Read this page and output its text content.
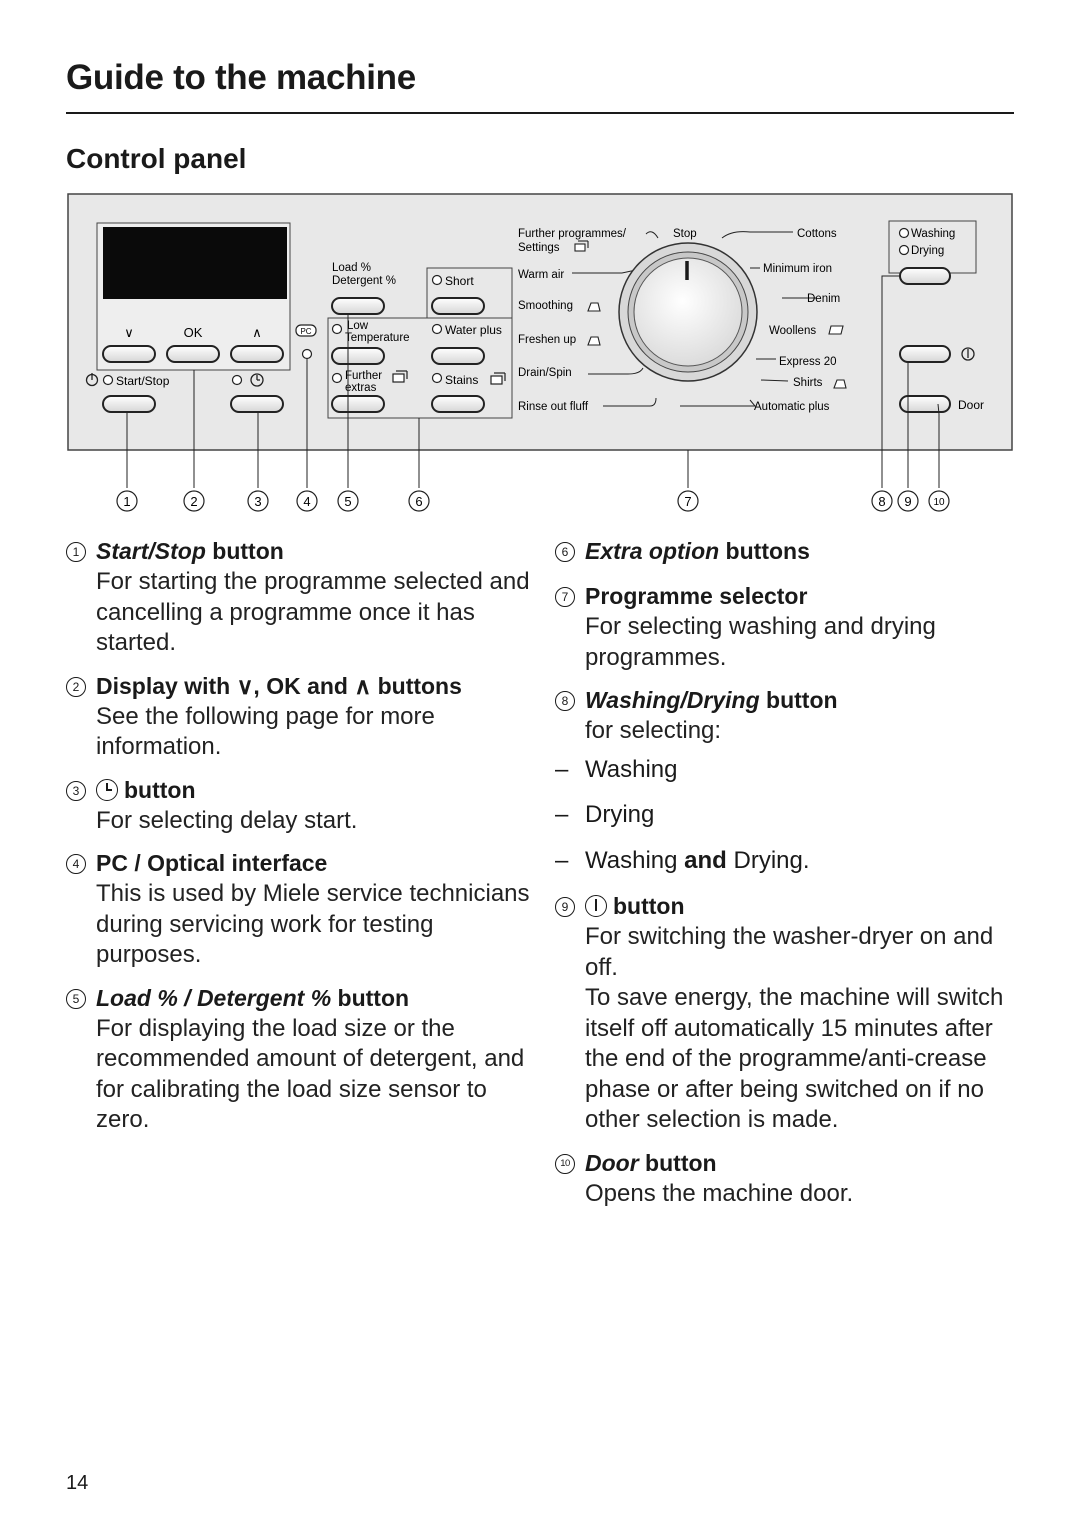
Guide to the machine
Control panel
∨	OK	∧
Start/Stop
PC
Load %
Detergent %	Short
Low
Temperature
Water plus
Further
extras
Stains
Further programmes/
Settings
Warm air
Smoothing
Freshen up
Drain/Spin
Rinse out fluff
Stop	Cottons
Minimum iron
Denim
Woollens
Express 20
Shirts
Automatic plus
Washing
Drying
Door
1	2	3	4	5	6	7	8 9 10
1 Start/Stop button

For starting the programme selected and cancelling a programme once it has started.

2 Display with ∨, OK and ∧ buttons

See the following page for more information.

3	button

For selecting delay start.

4 PC / Optical interface

This is used by Miele service technicians during servicing work for testing purposes.

5 Load % / Detergent % button

For displaying the load size or the recommended amount of detergent, and for calibrating the load size sensor to zero.

6 Extra option buttons
7 Programme selector

For selecting washing and drying programmes.

8 Washing/Drying button

for selecting:

– Washing
– Drying
– Washing and Drying.
9	button

For switching the washer-dryer on and off.

To save energy, the machine will switch itself off automatically 15 minutes after the end of the programme/anti-crease phase or after being switched on if no other selection is made.

10 Door button

Opens the machine door.

14
